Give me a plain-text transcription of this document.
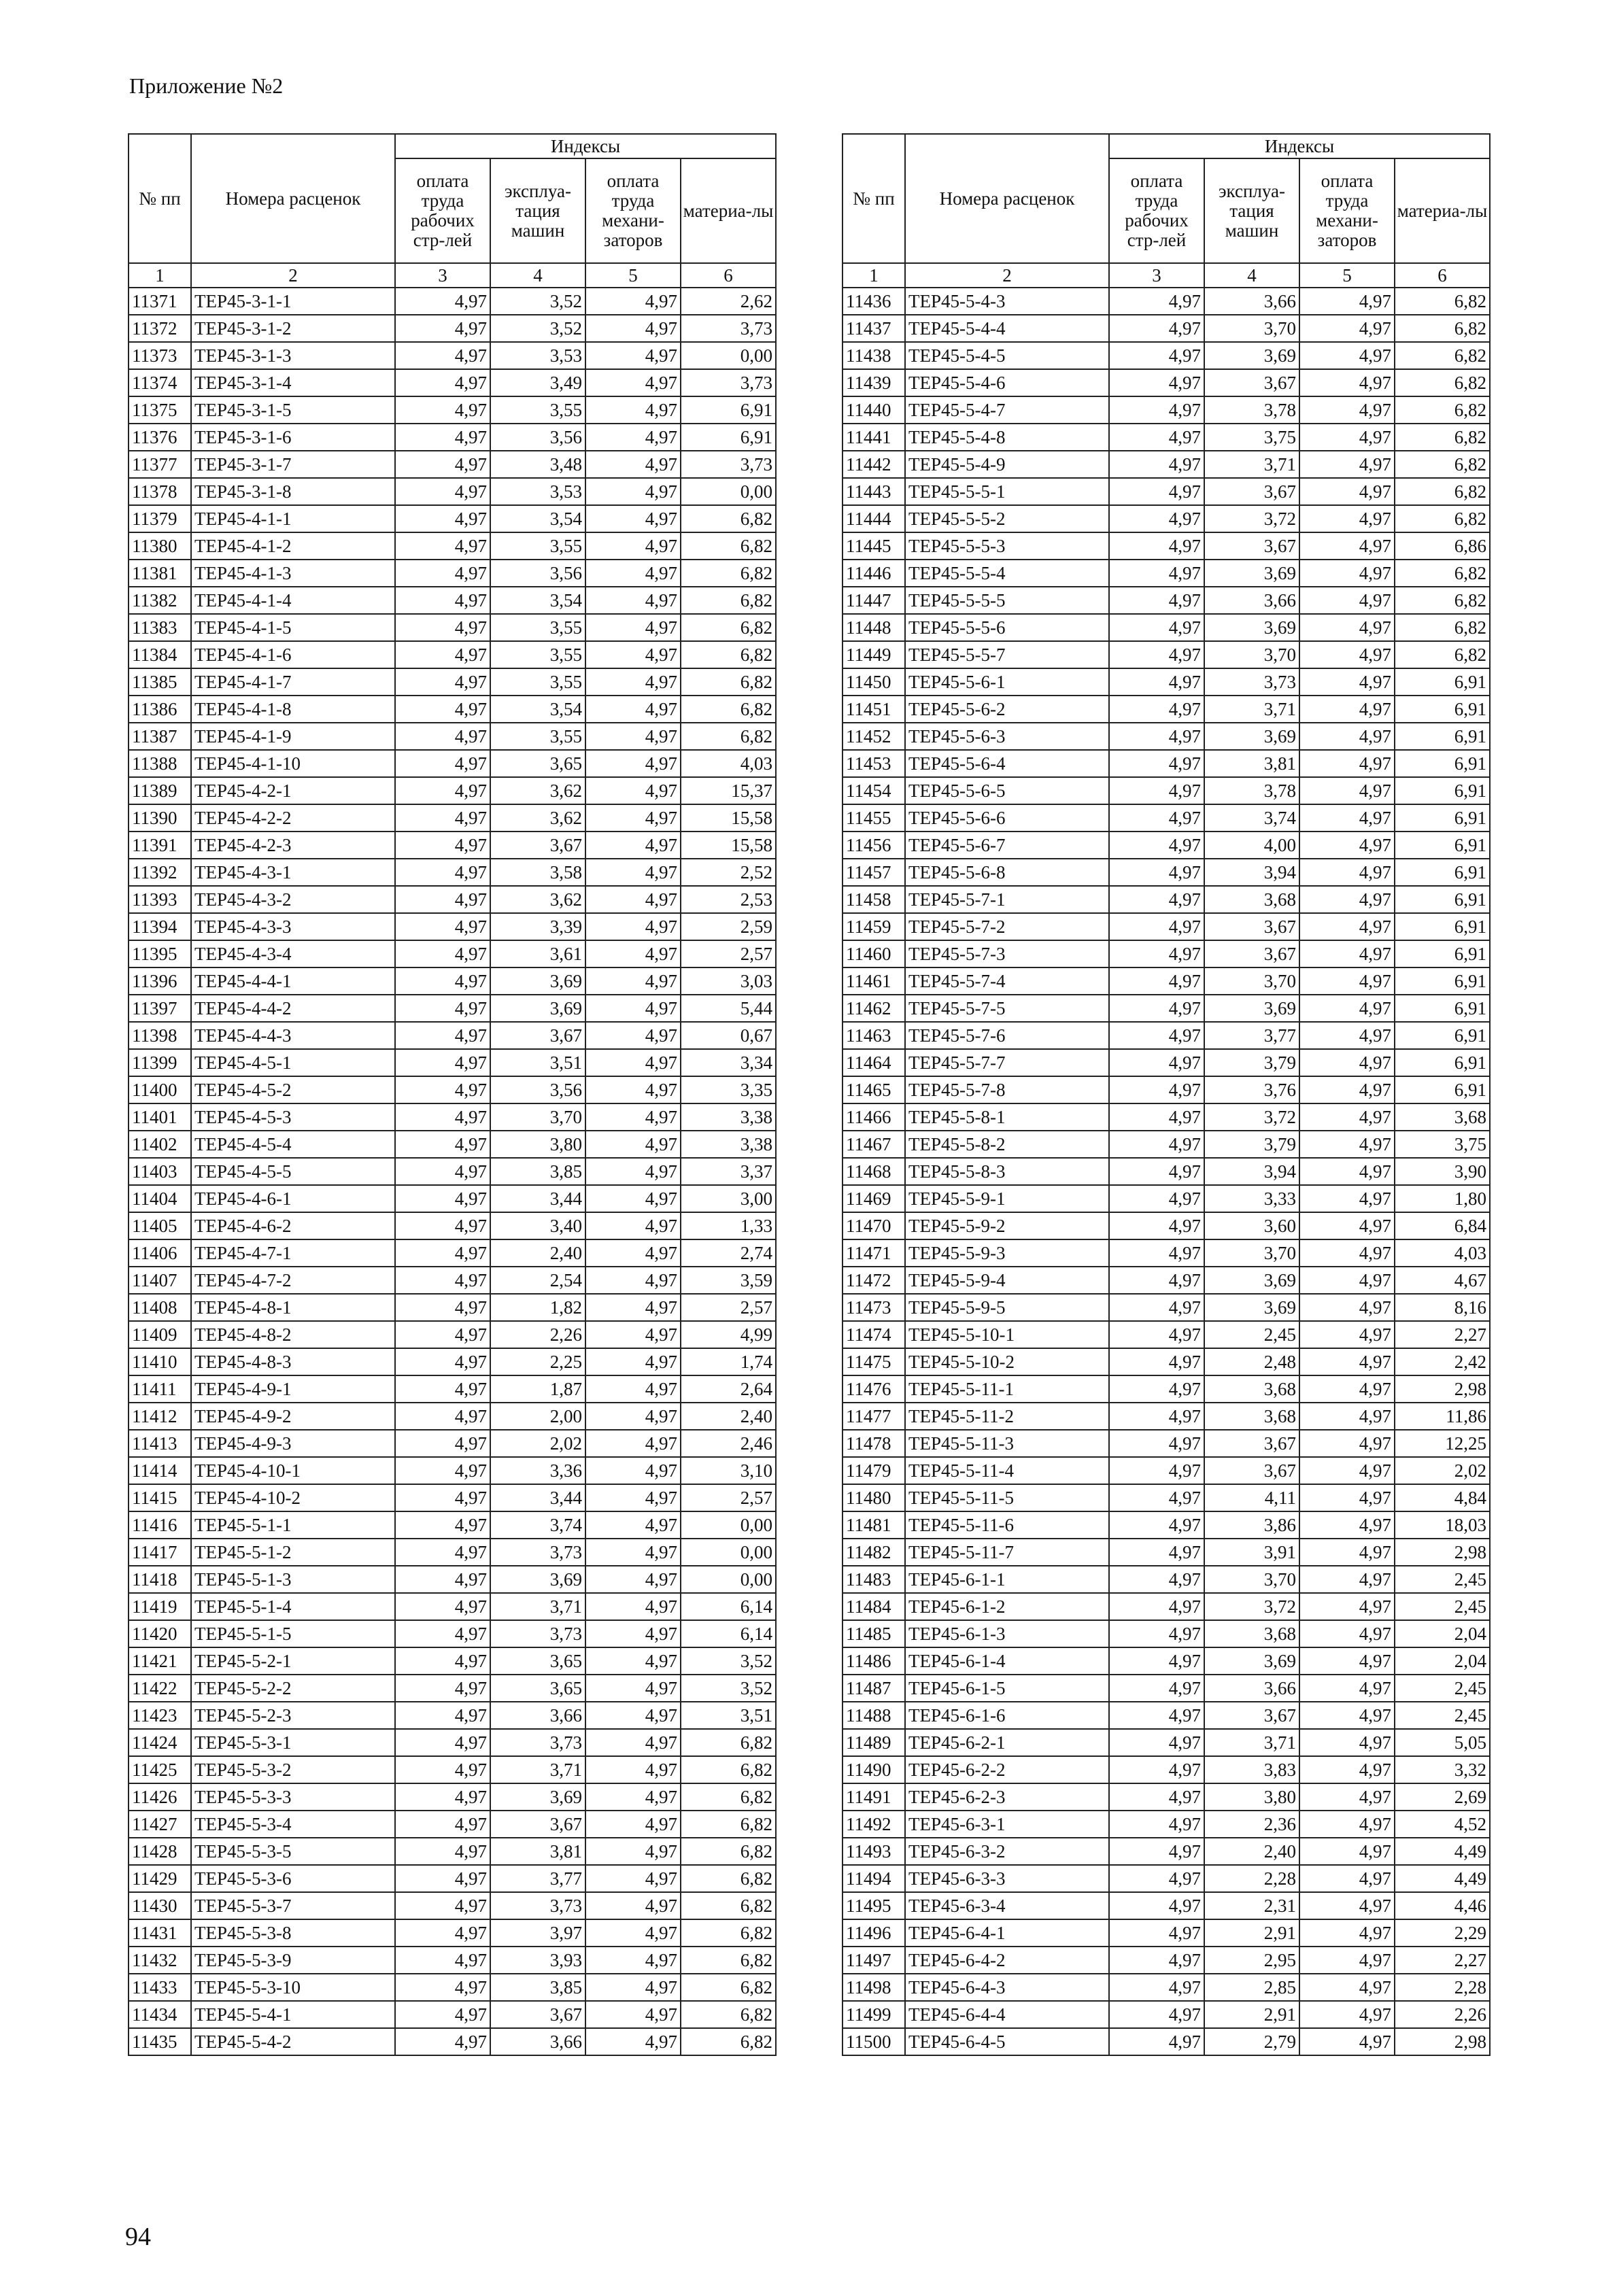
Приложение №2
№ пп	Номера расценок	Индексы			
		оплата труда рабочих стр-лей	эксплуа-тация машин	оплата труда механи-заторов	материа-лы
1	2	3	4	5	6
11371	ТЕР45-3-1-1	4,97	3,52	4,97	2,62
11372	ТЕР45-3-1-2	4,97	3,52	4,97	3,73
11373	ТЕР45-3-1-3	4,97	3,53	4,97	0,00
11374	ТЕР45-3-1-4	4,97	3,49	4,97	3,73
11375	ТЕР45-3-1-5	4,97	3,55	4,97	6,91
11376	ТЕР45-3-1-6	4,97	3,56	4,97	6,91
11377	ТЕР45-3-1-7	4,97	3,48	4,97	3,73
11378	ТЕР45-3-1-8	4,97	3,53	4,97	0,00
11379	ТЕР45-4-1-1	4,97	3,54	4,97	6,82
11380	ТЕР45-4-1-2	4,97	3,55	4,97	6,82
11381	ТЕР45-4-1-3	4,97	3,56	4,97	6,82
11382	ТЕР45-4-1-4	4,97	3,54	4,97	6,82
11383	ТЕР45-4-1-5	4,97	3,55	4,97	6,82
11384	ТЕР45-4-1-6	4,97	3,55	4,97	6,82
11385	ТЕР45-4-1-7	4,97	3,55	4,97	6,82
11386	ТЕР45-4-1-8	4,97	3,54	4,97	6,82
11387	ТЕР45-4-1-9	4,97	3,55	4,97	6,82
11388	ТЕР45-4-1-10	4,97	3,65	4,97	4,03
11389	ТЕР45-4-2-1	4,97	3,62	4,97	15,37
11390	ТЕР45-4-2-2	4,97	3,62	4,97	15,58
11391	ТЕР45-4-2-3	4,97	3,67	4,97	15,58
11392	ТЕР45-4-3-1	4,97	3,58	4,97	2,52
11393	ТЕР45-4-3-2	4,97	3,62	4,97	2,53
11394	ТЕР45-4-3-3	4,97	3,39	4,97	2,59
11395	ТЕР45-4-3-4	4,97	3,61	4,97	2,57
11396	ТЕР45-4-4-1	4,97	3,69	4,97	3,03
11397	ТЕР45-4-4-2	4,97	3,69	4,97	5,44
11398	ТЕР45-4-4-3	4,97	3,67	4,97	0,67
11399	ТЕР45-4-5-1	4,97	3,51	4,97	3,34
11400	ТЕР45-4-5-2	4,97	3,56	4,97	3,35
11401	ТЕР45-4-5-3	4,97	3,70	4,97	3,38
11402	ТЕР45-4-5-4	4,97	3,80	4,97	3,38
11403	ТЕР45-4-5-5	4,97	3,85	4,97	3,37
11404	ТЕР45-4-6-1	4,97	3,44	4,97	3,00
11405	ТЕР45-4-6-2	4,97	3,40	4,97	1,33
11406	ТЕР45-4-7-1	4,97	2,40	4,97	2,74
11407	ТЕР45-4-7-2	4,97	2,54	4,97	3,59
11408	ТЕР45-4-8-1	4,97	1,82	4,97	2,57
11409	ТЕР45-4-8-2	4,97	2,26	4,97	4,99
11410	ТЕР45-4-8-3	4,97	2,25	4,97	1,74
11411	ТЕР45-4-9-1	4,97	1,87	4,97	2,64
11412	ТЕР45-4-9-2	4,97	2,00	4,97	2,40
11413	ТЕР45-4-9-3	4,97	2,02	4,97	2,46
11414	ТЕР45-4-10-1	4,97	3,36	4,97	3,10
11415	ТЕР45-4-10-2	4,97	3,44	4,97	2,57
11416	ТЕР45-5-1-1	4,97	3,74	4,97	0,00
11417	ТЕР45-5-1-2	4,97	3,73	4,97	0,00
11418	ТЕР45-5-1-3	4,97	3,69	4,97	0,00
11419	ТЕР45-5-1-4	4,97	3,71	4,97	6,14
11420	ТЕР45-5-1-5	4,97	3,73	4,97	6,14
11421	ТЕР45-5-2-1	4,97	3,65	4,97	3,52
11422	ТЕР45-5-2-2	4,97	3,65	4,97	3,52
11423	ТЕР45-5-2-3	4,97	3,66	4,97	3,51
11424	ТЕР45-5-3-1	4,97	3,73	4,97	6,82
11425	ТЕР45-5-3-2	4,97	3,71	4,97	6,82
11426	ТЕР45-5-3-3	4,97	3,69	4,97	6,82
11427	ТЕР45-5-3-4	4,97	3,67	4,97	6,82
11428	ТЕР45-5-3-5	4,97	3,81	4,97	6,82
11429	ТЕР45-5-3-6	4,97	3,77	4,97	6,82
11430	ТЕР45-5-3-7	4,97	3,73	4,97	6,82
11431	ТЕР45-5-3-8	4,97	3,97	4,97	6,82
11432	ТЕР45-5-3-9	4,97	3,93	4,97	6,82
11433	ТЕР45-5-3-10	4,97	3,85	4,97	6,82
11434	ТЕР45-5-4-1	4,97	3,67	4,97	6,82
11435	ТЕР45-5-4-2	4,97	3,66	4,97	6,82
№ пп	Номера расценок	Индексы			
		оплата труда рабочих стр-лей	эксплуа-тация машин	оплата труда механи-заторов	материа-лы
1	2	3	4	5	6
11436	ТЕР45-5-4-3	4,97	3,66	4,97	6,82
11437	ТЕР45-5-4-4	4,97	3,70	4,97	6,82
11438	ТЕР45-5-4-5	4,97	3,69	4,97	6,82
11439	ТЕР45-5-4-6	4,97	3,67	4,97	6,82
11440	ТЕР45-5-4-7	4,97	3,78	4,97	6,82
11441	ТЕР45-5-4-8	4,97	3,75	4,97	6,82
11442	ТЕР45-5-4-9	4,97	3,71	4,97	6,82
11443	ТЕР45-5-5-1	4,97	3,67	4,97	6,82
11444	ТЕР45-5-5-2	4,97	3,72	4,97	6,82
11445	ТЕР45-5-5-3	4,97	3,67	4,97	6,86
11446	ТЕР45-5-5-4	4,97	3,69	4,97	6,82
11447	ТЕР45-5-5-5	4,97	3,66	4,97	6,82
11448	ТЕР45-5-5-6	4,97	3,69	4,97	6,82
11449	ТЕР45-5-5-7	4,97	3,70	4,97	6,82
11450	ТЕР45-5-6-1	4,97	3,73	4,97	6,91
11451	ТЕР45-5-6-2	4,97	3,71	4,97	6,91
11452	ТЕР45-5-6-3	4,97	3,69	4,97	6,91
11453	ТЕР45-5-6-4	4,97	3,81	4,97	6,91
11454	ТЕР45-5-6-5	4,97	3,78	4,97	6,91
11455	ТЕР45-5-6-6	4,97	3,74	4,97	6,91
11456	ТЕР45-5-6-7	4,97	4,00	4,97	6,91
11457	ТЕР45-5-6-8	4,97	3,94	4,97	6,91
11458	ТЕР45-5-7-1	4,97	3,68	4,97	6,91
11459	ТЕР45-5-7-2	4,97	3,67	4,97	6,91
11460	ТЕР45-5-7-3	4,97	3,67	4,97	6,91
11461	ТЕР45-5-7-4	4,97	3,70	4,97	6,91
11462	ТЕР45-5-7-5	4,97	3,69	4,97	6,91
11463	ТЕР45-5-7-6	4,97	3,77	4,97	6,91
11464	ТЕР45-5-7-7	4,97	3,79	4,97	6,91
11465	ТЕР45-5-7-8	4,97	3,76	4,97	6,91
11466	ТЕР45-5-8-1	4,97	3,72	4,97	3,68
11467	ТЕР45-5-8-2	4,97	3,79	4,97	3,75
11468	ТЕР45-5-8-3	4,97	3,94	4,97	3,90
11469	ТЕР45-5-9-1	4,97	3,33	4,97	1,80
11470	ТЕР45-5-9-2	4,97	3,60	4,97	6,84
11471	ТЕР45-5-9-3	4,97	3,70	4,97	4,03
11472	ТЕР45-5-9-4	4,97	3,69	4,97	4,67
11473	ТЕР45-5-9-5	4,97	3,69	4,97	8,16
11474	ТЕР45-5-10-1	4,97	2,45	4,97	2,27
11475	ТЕР45-5-10-2	4,97	2,48	4,97	2,42
11476	ТЕР45-5-11-1	4,97	3,68	4,97	2,98
11477	ТЕР45-5-11-2	4,97	3,68	4,97	11,86
11478	ТЕР45-5-11-3	4,97	3,67	4,97	12,25
11479	ТЕР45-5-11-4	4,97	3,67	4,97	2,02
11480	ТЕР45-5-11-5	4,97	4,11	4,97	4,84
11481	ТЕР45-5-11-6	4,97	3,86	4,97	18,03
11482	ТЕР45-5-11-7	4,97	3,91	4,97	2,98
11483	ТЕР45-6-1-1	4,97	3,70	4,97	2,45
11484	ТЕР45-6-1-2	4,97	3,72	4,97	2,45
11485	ТЕР45-6-1-3	4,97	3,68	4,97	2,04
11486	ТЕР45-6-1-4	4,97	3,69	4,97	2,04
11487	ТЕР45-6-1-5	4,97	3,66	4,97	2,45
11488	ТЕР45-6-1-6	4,97	3,67	4,97	2,45
11489	ТЕР45-6-2-1	4,97	3,71	4,97	5,05
11490	ТЕР45-6-2-2	4,97	3,83	4,97	3,32
11491	ТЕР45-6-2-3	4,97	3,80	4,97	2,69
11492	ТЕР45-6-3-1	4,97	2,36	4,97	4,52
11493	ТЕР45-6-3-2	4,97	2,40	4,97	4,49
11494	ТЕР45-6-3-3	4,97	2,28	4,97	4,49
11495	ТЕР45-6-3-4	4,97	2,31	4,97	4,46
11496	ТЕР45-6-4-1	4,97	2,91	4,97	2,29
11497	ТЕР45-6-4-2	4,97	2,95	4,97	2,27
11498	ТЕР45-6-4-3	4,97	2,85	4,97	2,28
11499	ТЕР45-6-4-4	4,97	2,91	4,97	2,26
11500	ТЕР45-6-4-5	4,97	2,79	4,97	2,98
94
